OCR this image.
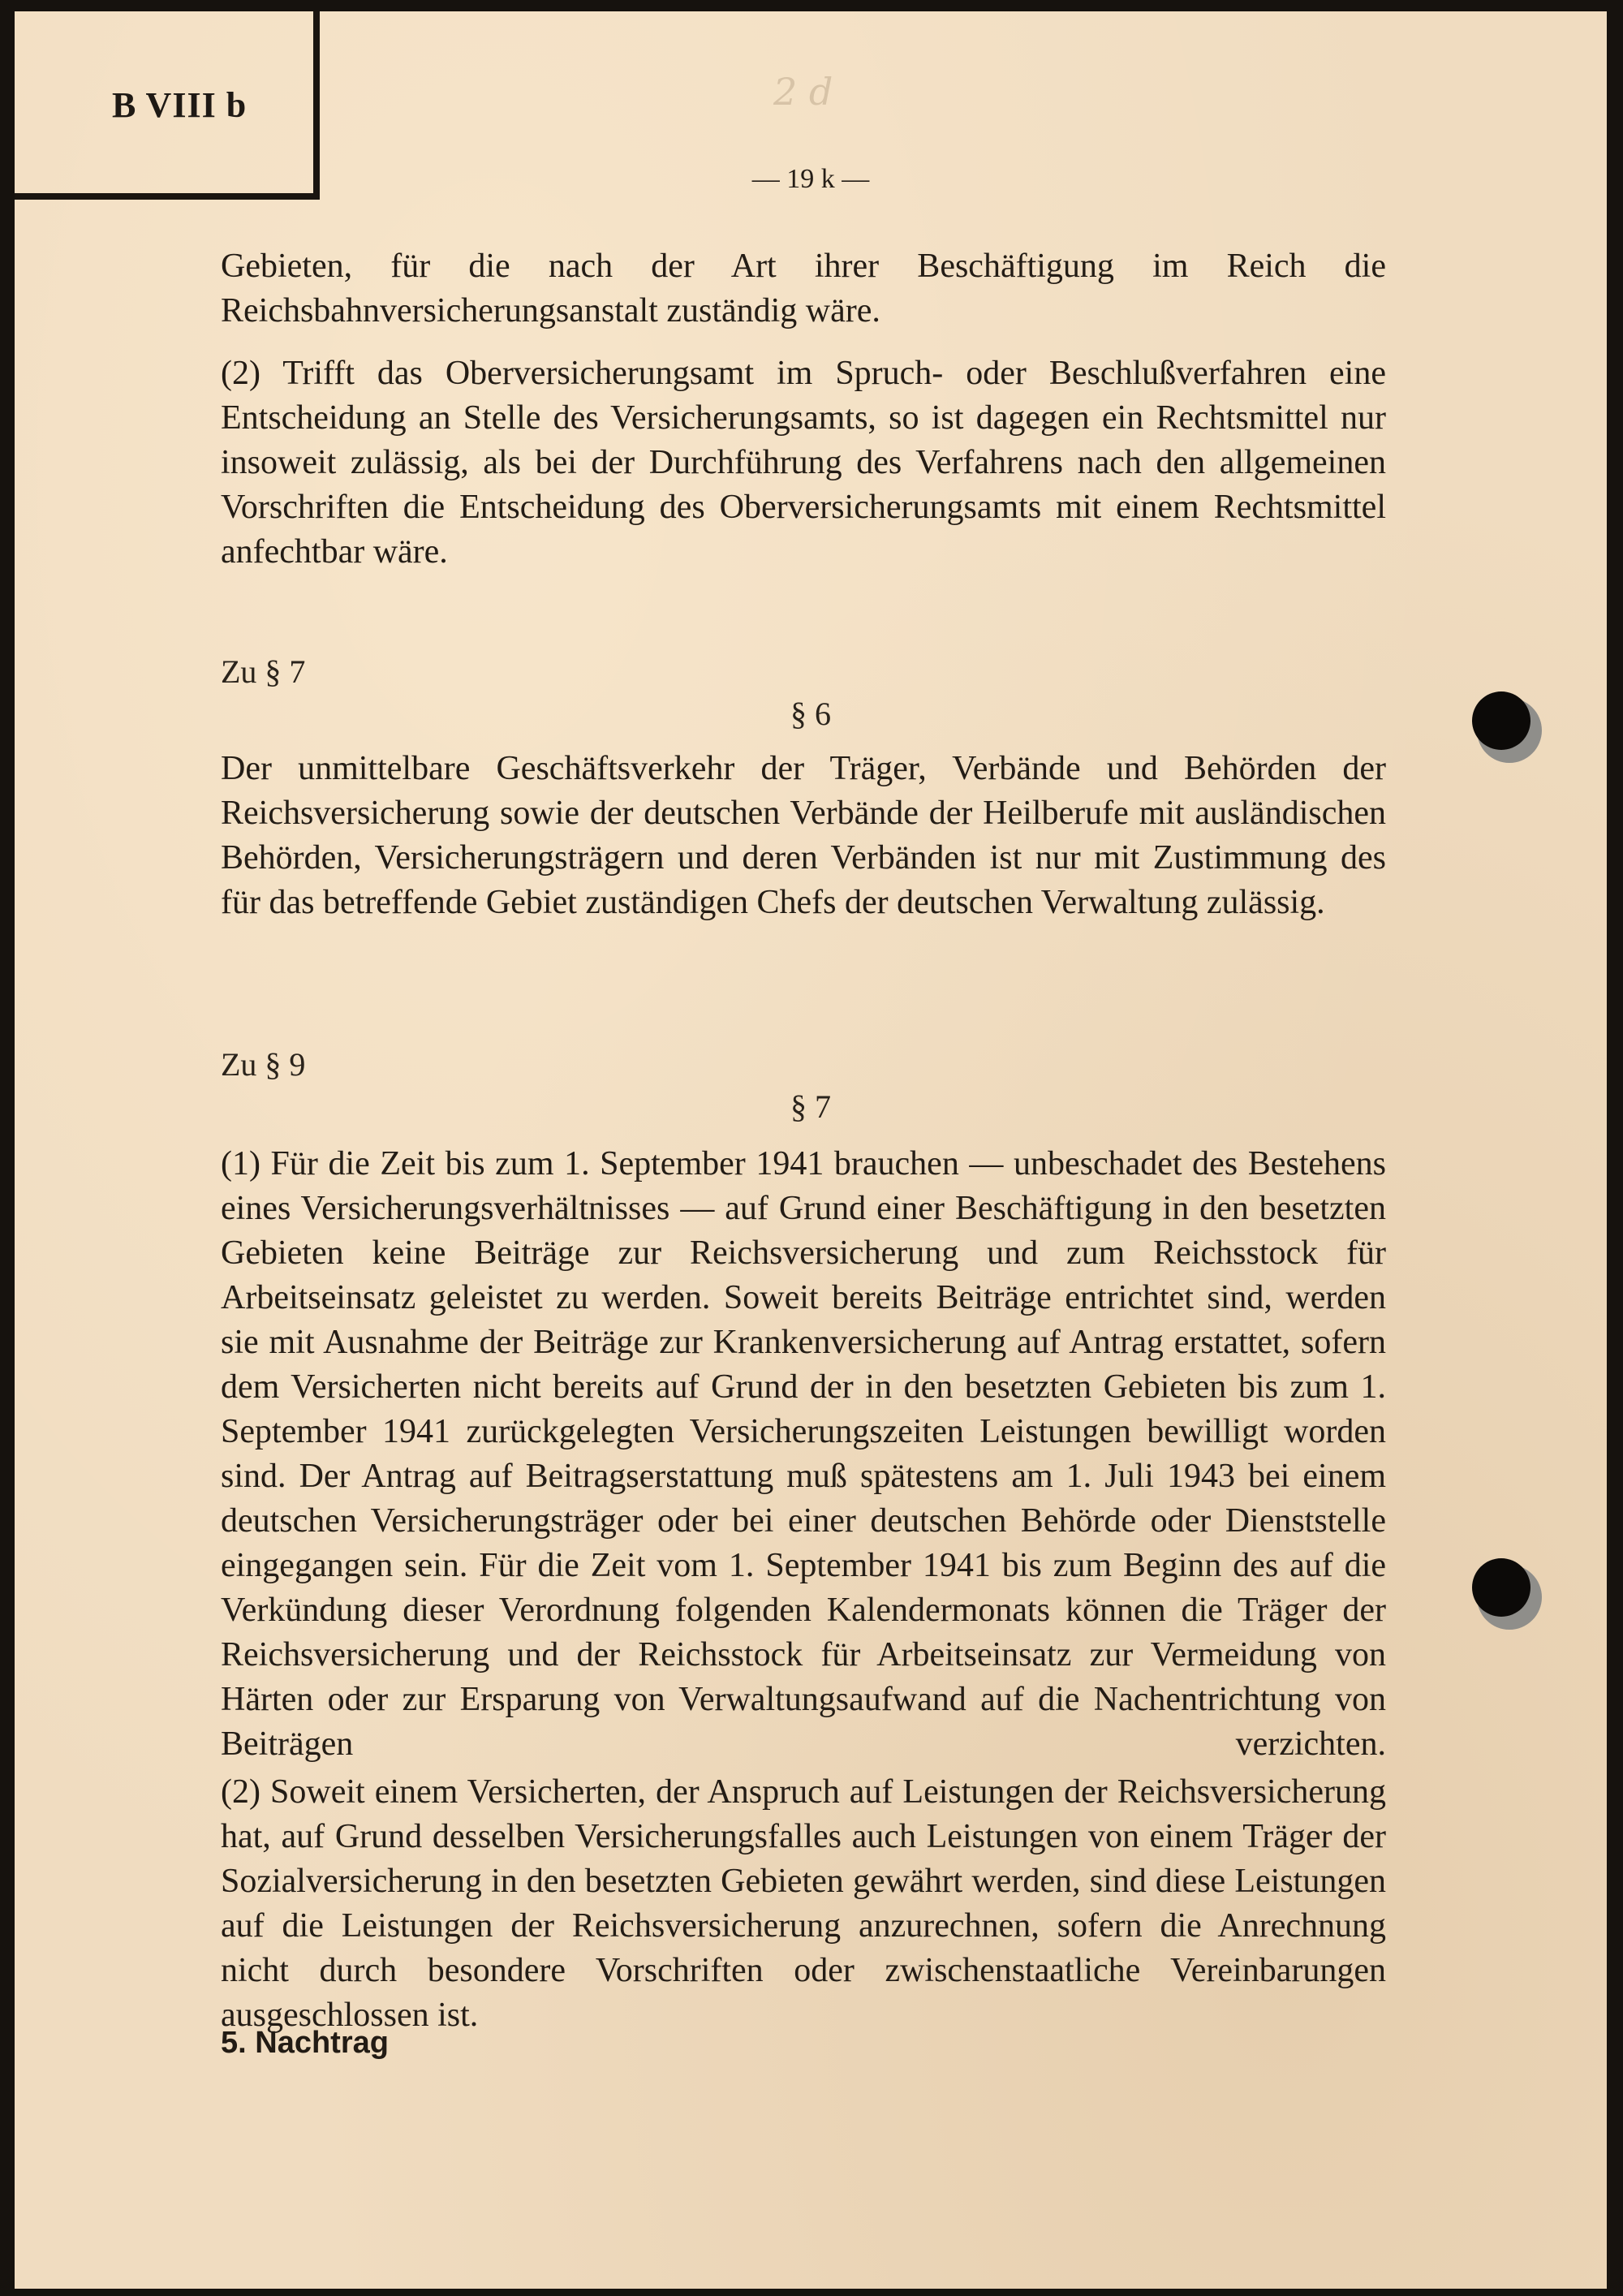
B VIII b	2 d
— 19 k —
Gebieten, für die nach der Art ihrer Beschäftigung im Reich die Reichsbahnversicherungsanstalt zuständig wäre.
(2) Trifft das Oberversicherungsamt im Spruch- oder Beschlußverfahren eine Entscheidung an Stelle des Versicherungsamts, so ist dagegen ein Rechtsmittel nur insoweit zulässig, als bei der Durchführung des Verfahrens nach den allgemeinen Vorschriften die Entscheidung des Oberversicherungsamts mit einem Rechtsmittel anfechtbar wäre.
Zu § 7
§ 6
Der unmittelbare Geschäftsverkehr der Träger, Verbände und Behörden der Reichsversicherung sowie der deutschen Verbände der Heilberufe mit ausländischen Behörden, Versicherungsträgern und deren Verbänden ist nur mit Zustimmung des für das betreffende Gebiet zuständigen Chefs der deutschen Verwaltung zulässig.
Zu § 9
§ 7
(1) Für die Zeit bis zum 1. September 1941 brauchen — unbeschadet des Bestehens eines Versicherungsverhältnisses — auf Grund einer Beschäftigung in den besetzten Gebieten keine Beiträge zur Reichsversicherung und zum Reichsstock für Arbeitseinsatz geleistet zu werden. Soweit bereits Beiträge entrichtet sind, werden sie mit Ausnahme der Beiträge zur Krankenversicherung auf Antrag erstattet, sofern dem Versicherten nicht bereits auf Grund der in den besetzten Gebieten bis zum 1. September 1941 zurückgelegten Versicherungszeiten Leistungen bewilligt worden sind. Der Antrag auf Beitragserstattung muß spätestens am 1. Juli 1943 bei einem deutschen Versicherungsträger oder bei einer deutschen Behörde oder Dienststelle eingegangen sein. Für die Zeit vom 1. September 1941 bis zum Beginn des auf die Verkündung dieser Verordnung folgenden Kalendermonats können die Träger der Reichsversicherung und der Reichsstock für Arbeitseinsatz zur Vermeidung von Härten oder zur Ersparung von Verwaltungsaufwand auf die Nachentrichtung von Beiträgen verzichten.
(2) Soweit einem Versicherten, der Anspruch auf Leistungen der Reichsversicherung hat, auf Grund desselben Versicherungsfalles auch Leistungen von einem Träger der Sozialversicherung in den besetzten Gebieten gewährt werden, sind diese Leistungen auf die Leistungen der Reichsversicherung anzurechnen, sofern die Anrechnung nicht durch besondere Vorschriften oder zwischenstaatliche Vereinbarungen ausgeschlossen ist.
5. Nachtrag
